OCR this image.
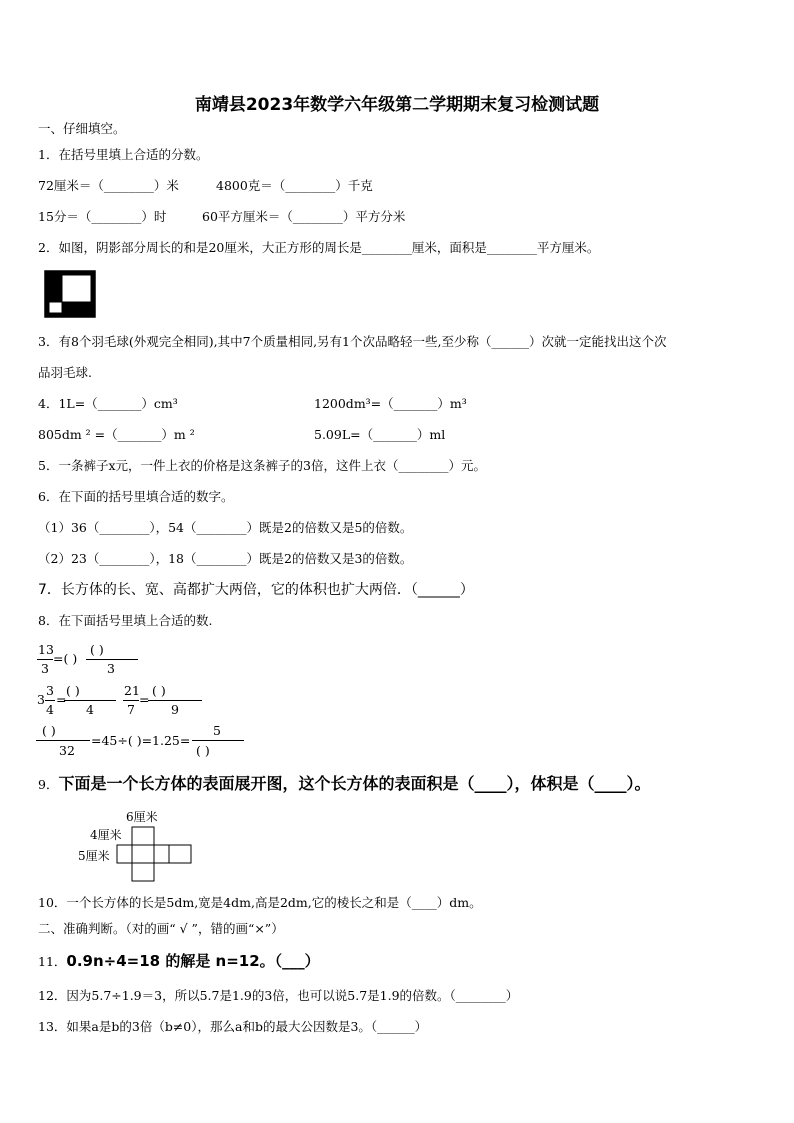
南靖县2023年数学六年级第二学期期末复习检测试题
一、仔细填空。
1．在括号里填上合适的分数。
72厘米＝（________）米	4800克＝（________）千克
15分＝（________）时	60平方厘米＝（________）平方分米
2．如图，阴影部分周长的和是20厘米，大正方形的周长是________厘米，面积是________平方厘米。
3．有8个羽毛球(外观完全相同),其中7个质量相同,另有1个次品略轻一些,至少称（______）次就一定能找出这个次
品羽毛球.
4．1L=（_______）cm³	1200dm³=（_______）m³
805dm ² =（_______）m ²	5.09L=（_______）ml
5．一条裤子x元，一件上衣的价格是这条裤子的3倍，这件上衣（________）元。
6．在下面的括号里填合适的数字。
（1）36（________），54（________）既是2的倍数又是5的倍数。
（2）23（________），18（________）既是2的倍数又是3的倍数。
7．长方体的长、宽、高都扩大两倍，它的体积也扩大两倍．（______）
8．在下面括号里填上合适的数.
13
3
=( )
( )
3
3
3
4
=
( )
4
21
7
=
( )
9
( )
32
=45÷( )=1.25=
5
( )
9．下面是一个长方体的表面展开图，这个长方体的表面积是（____），体积是（____）。
6厘米
4厘米
5厘米
10．一个长方体的长是5dm,宽是4dm,高是2dm,它的棱长之和是（____）dm。
二、准确判断。（对的画“ √ ”，错的画“×”）
11．0.9n÷4=18 的解是 n=12。（___）
12．因为5.7÷1.9＝3，所以5.7是1.9的3倍，也可以说5.7是1.9的倍数。（________）
13．如果a是b的3倍（b≠0），那么a和b的最大公因数是3。（______）
